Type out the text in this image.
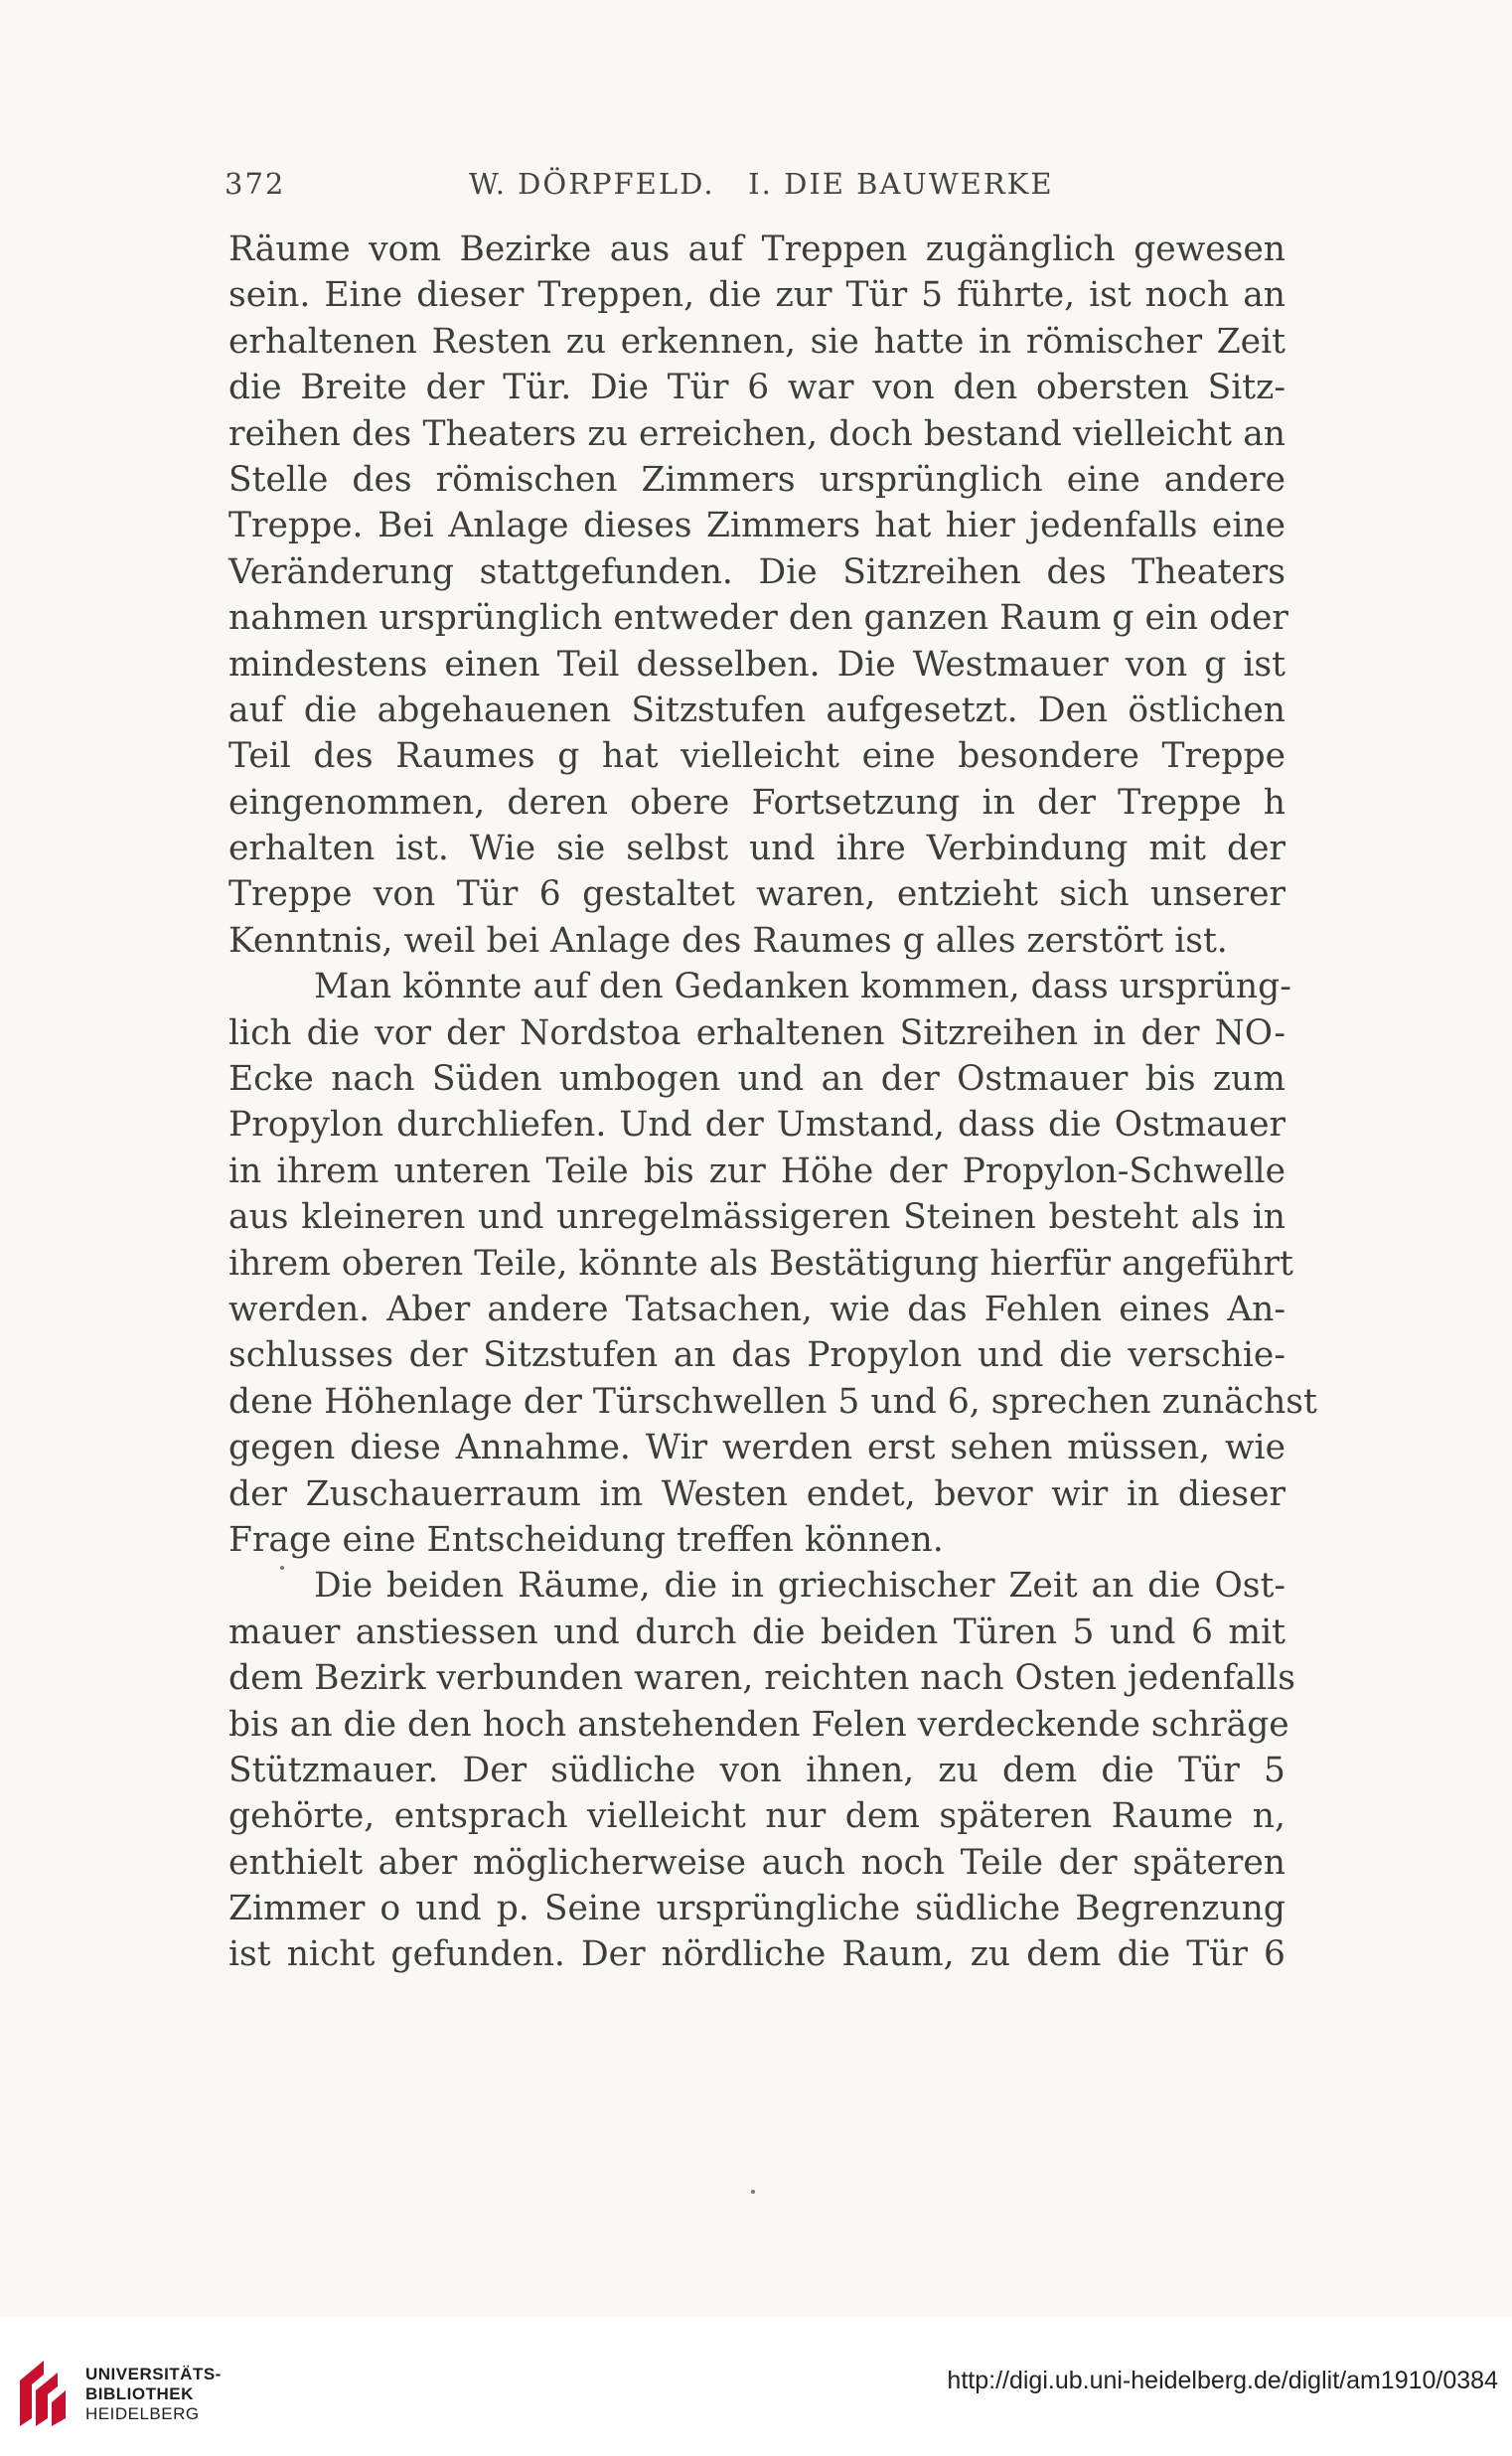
372	W. DÖRPFELD.   I. DIE BAUWERKE
Räume vom Bezirke aus auf Treppen zugänglich gewesen
sein. Eine dieser Treppen, die zur Tür 5 führte, ist noch an
erhaltenen Resten zu erkennen, sie hatte in römischer Zeit
die Breite der Tür. Die Tür 6 war von den obersten Sitz-
reihen des Theaters zu erreichen, doch bestand vielleicht an
Stelle des römischen Zimmers ursprünglich eine andere
Treppe. Bei Anlage dieses Zimmers hat hier jedenfalls eine
Veränderung stattgefunden. Die Sitzreihen des Theaters
nahmen ursprünglich entweder den ganzen Raum g ein oder
mindestens einen Teil desselben. Die Westmauer von g ist
auf die abgehauenen Sitzstufen aufgesetzt. Den östlichen
Teil des Raumes g hat vielleicht eine besondere Treppe
eingenommen, deren obere Fortsetzung in der Treppe h
erhalten ist. Wie sie selbst und ihre Verbindung mit der
Treppe von Tür 6 gestaltet waren, entzieht sich unserer
Kenntnis, weil bei Anlage des Raumes g alles zerstört ist.
Man könnte auf den Gedanken kommen, dass ursprüng-
lich die vor der Nordstoa erhaltenen Sitzreihen in der NO-
Ecke nach Süden umbogen und an der Ostmauer bis zum
Propylon durchliefen. Und der Umstand, dass die Ostmauer
in ihrem unteren Teile bis zur Höhe der Propylon-Schwelle
aus kleineren und unregelmässigeren Steinen besteht als in
ihrem oberen Teile, könnte als Bestätigung hierfür angeführt
werden. Aber andere Tatsachen, wie das Fehlen eines An-
schlusses der Sitzstufen an das Propylon und die verschie-
dene Höhenlage der Türschwellen 5 und 6, sprechen zunächst
gegen diese Annahme. Wir werden erst sehen müssen, wie
der Zuschauerraum im Westen endet, bevor wir in dieser
Frage eine Entscheidung treffen können.
Die beiden Räume, die in griechischer Zeit an die Ost-
mauer anstiessen und durch die beiden Türen 5 und 6 mit
dem Bezirk verbunden waren, reichten nach Osten jedenfalls
bis an die den hoch anstehenden Felen verdeckende schräge
Stützmauer. Der südliche von ihnen, zu dem die Tür 5
gehörte, entsprach vielleicht nur dem späteren Raume n,
enthielt aber möglicherweise auch noch Teile der späteren
Zimmer o und p. Seine ursprüngliche südliche Begrenzung
ist nicht gefunden. Der nördliche Raum, zu dem die Tür 6
UNIVERSITÄTS-
BIBLIOTHEK
HEIDELBERG
http://digi.ub.uni-heidelberg.de/diglit/am1910/0384
